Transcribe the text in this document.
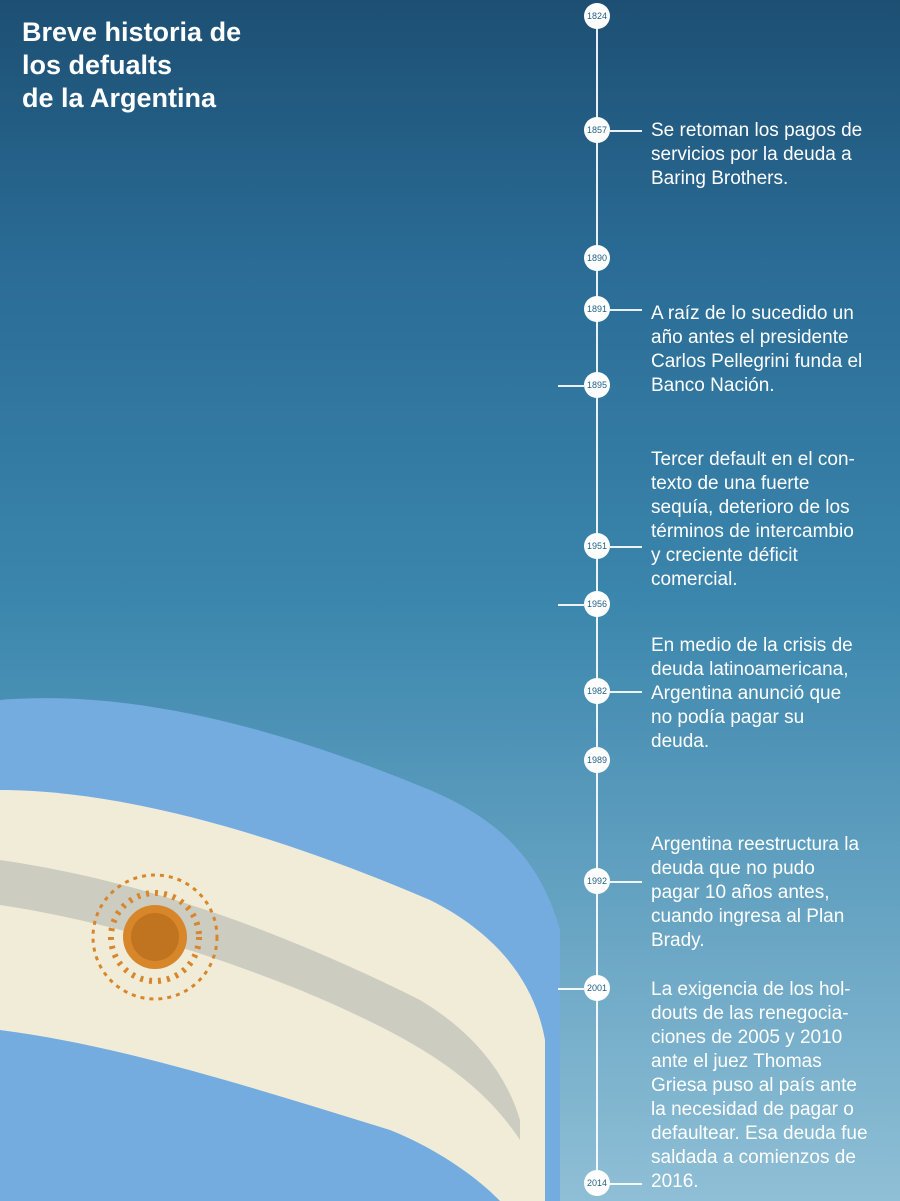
Breve historia de
los defualts
de la Argentina
1824
1857 Se retoman los pagos de
servicios por la deuda a
Baring Brothers.
1890
1891 A raíz de lo sucedido un
año antes el presidente
Carlos Pellegrini funda el
Banco Nación.
1895
1951
Tercer default en el con-
texto de una fuerte
sequía, deterioro de los
términos de intercambio
y creciente déficit
comercial.
1956
1982
En medio de la crisis de
deuda latinoamericana,
Argentina anunció que
no podía pagar su
deuda.
1989
1992
Argentina reestructura la
deuda que no pudo
pagar 10 años antes,
cuando ingresa al Plan
Brady.
2001
2014
La exigencia de los hol-
douts de las renegocia-
ciones de 2005 y 2010
ante el juez Thomas
Griesa puso al país ante
la necesidad de pagar o
defaultear. Esa deuda fue
saldada a comienzos de
2016.
